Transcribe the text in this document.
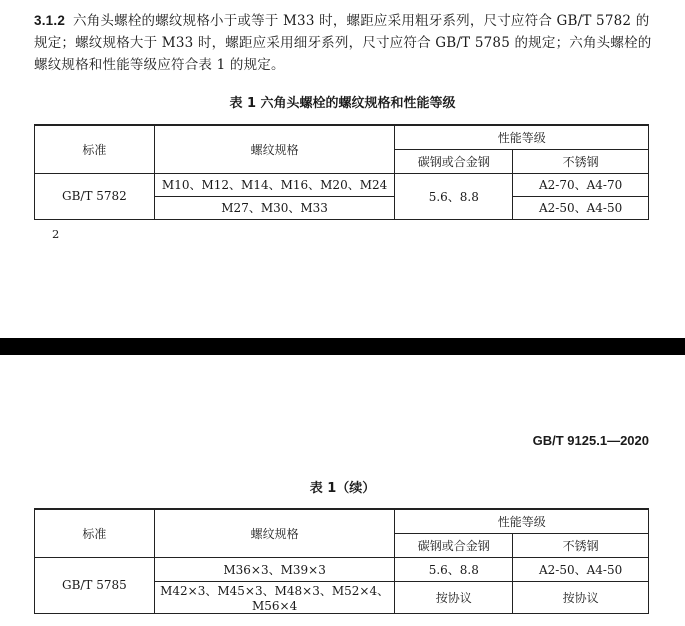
3.1.2 六角头螺栓的螺纹规格小于或等于 M33 时，螺距应采用粗牙系列，尺寸应符合 GB/T 5782 的规定；螺纹规格大于 M33 时，螺距应采用细牙系列，尺寸应符合 GB/T 5785 的规定；六角头螺栓的螺纹规格和性能等级应符合表 1 的规定。
表 1 六角头螺栓的螺纹规格和性能等级
标准	螺纹规格	性能等级	
		碳钢或合金钢	不锈钢
GB/T 5782	M10、M12、M14、M16、M20、M24	5.6、8.8	A2-70、A4-70
	M27、M30、M33		A2-50、A4-50
2
GB/T 9125.1—2020
表 1（续）
标准	螺纹规格	性能等级	
		碳钢或合金钢	不锈钢
GB/T 5785	M36×3、M39×3	5.6、8.8	A2-50、A4-50
	M42×3、M45×3、M48×3、M52×4、M56×4	按协议	按协议
